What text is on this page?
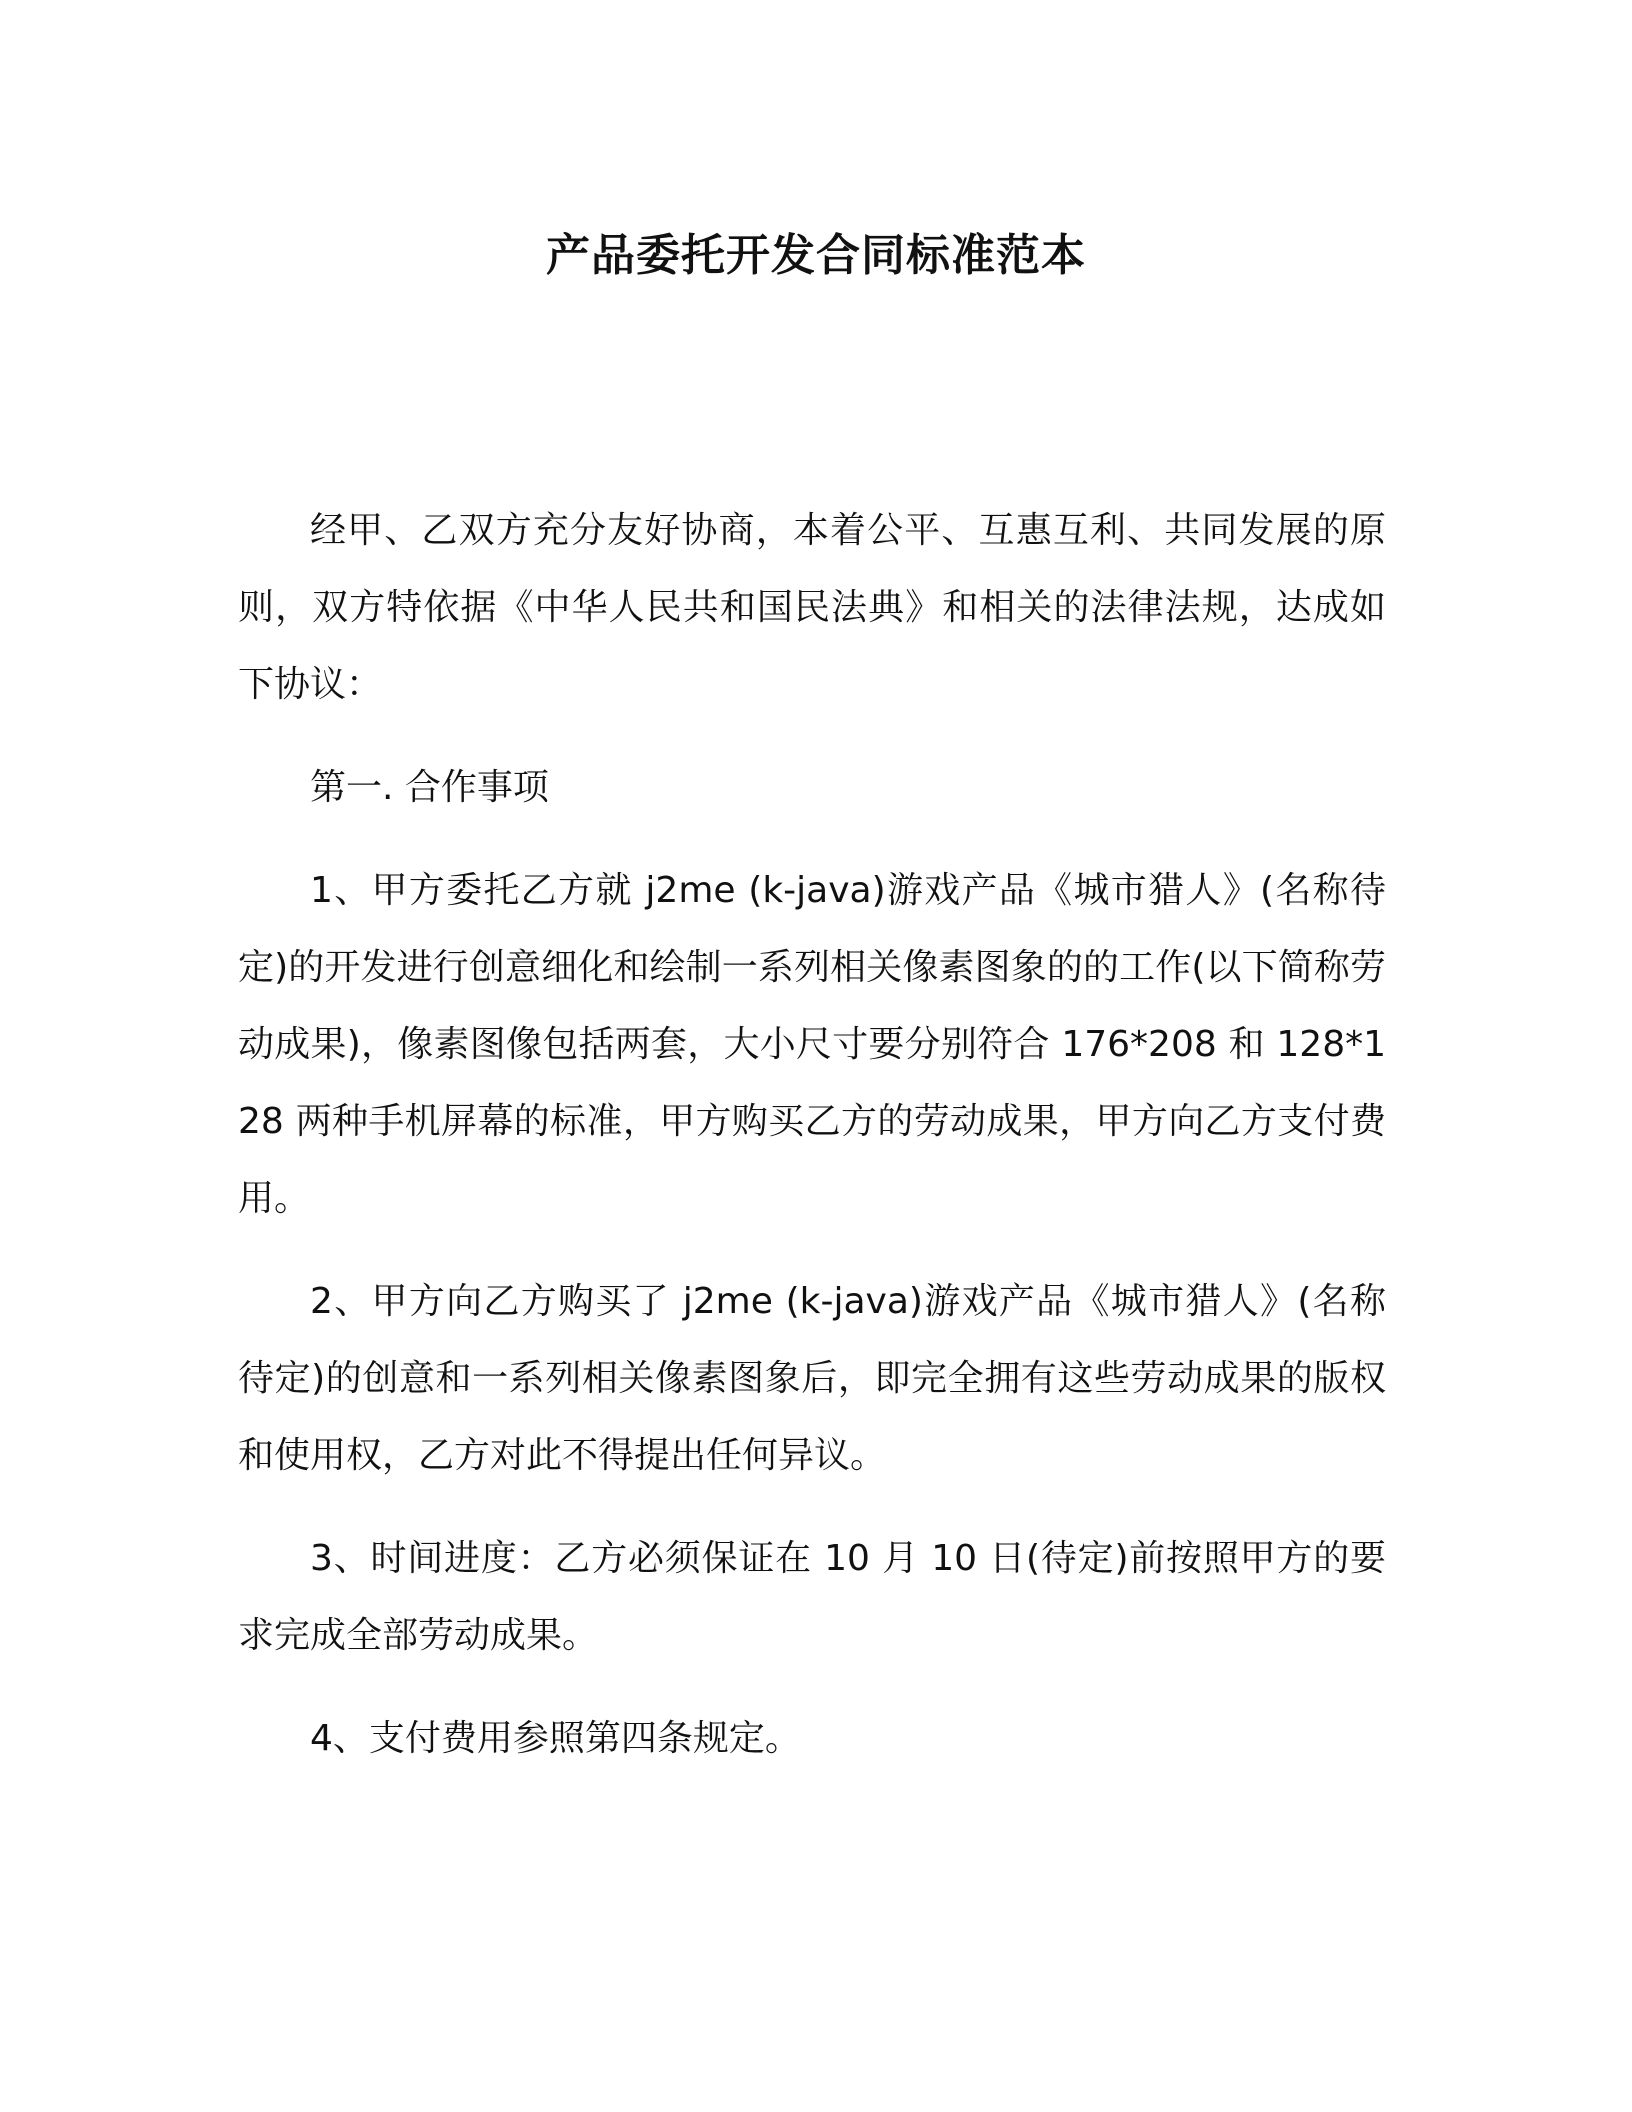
产品委托开发合同标准范本

经甲、乙双方充分友好协商，本着公平、互惠互利、共同发展的原则，双方特依据《中华人民共和国民法典》和相关的法律法规，达成如下协议：

第一. 合作事项

1、甲方委托乙方就 j2me (k-java)游戏产品《城市猎人》(名称待定)的开发进行创意细化和绘制一系列相关像素图象的的工作(以下简称劳动成果)，像素图像包括两套，大小尺寸要分别符合 176*208 和 128*128 两种手机屏幕的标准，甲方购买乙方的劳动成果，甲方向乙方支付费用。

2、甲方向乙方购买了 j2me (k-java)游戏产品《城市猎人》(名称待定)的创意和一系列相关像素图象后，即完全拥有这些劳动成果的版权和使用权，乙方对此不得提出任何异议。

3、时间进度：乙方必须保证在 10 月 10 日(待定)前按照甲方的要求完成全部劳动成果。

4、支付费用参照第四条规定。
